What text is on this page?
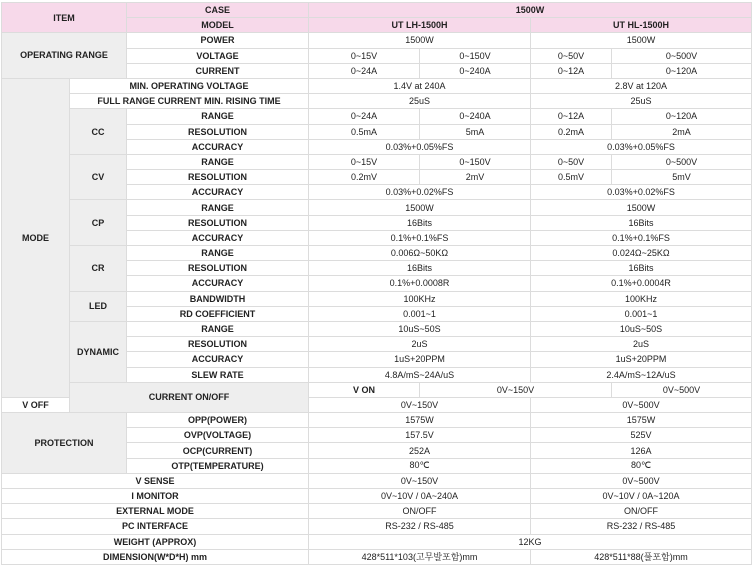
ITEM		CASE	1500W			
		MODEL	UT LH-1500H		UT HL-1500H	
OPERATING RANGE		POWER	1500W		1500W	
		VOLTAGE	0~15V	0~150V	0~50V	0~500V
		CURRENT	0~24A	0~240A	0~12A	0~120A
MODE	MIN. OPERATING VOLTAGE		1.4V at 240A		2.8V at 120A	
	FULL RANGE CURRENT MIN. RISING TIME		25uS		25uS	
	CC	RANGE	0~24A	0~240A	0~12A	0~120A
		RESOLUTION	0.5mA	5mA	0.2mA	2mA
		ACCURACY	0.03%+0.05%FS		0.03%+0.05%FS	
	CV	RANGE	0~15V	0~150V	0~50V	0~500V
		RESOLUTION	0.2mV	2mV	0.5mV	5mV
		ACCURACY	0.03%+0.02%FS		0.03%+0.02%FS	
	CP	RANGE	1500W		1500W	
		RESOLUTION	16Bits		16Bits	
		ACCURACY	0.1%+0.1%FS		0.1%+0.1%FS	
	CR	RANGE	0.006Ω~50KΩ		0.024Ω~25KΩ	
		RESOLUTION	16Bits		16Bits	
		ACCURACY	0.1%+0.0008R		0.1%+0.0004R	
	LED	BANDWIDTH	100KHz		100KHz	
		RD COEFFICIENT	0.001~1		0.001~1	
	DYNAMIC	RANGE	10uS~50S		10uS~50S	
		RESOLUTION	2uS		2uS	
		ACCURACY	1uS+20PPM		1uS+20PPM	
		SLEW RATE	4.8A/mS~24A/uS		2.4A/mS~12A/uS	
	CURRENT ON/OFF		V ON	0V~150V		0V~500V
V OFF			0V~150V		0V~500V	
PROTECTION		OPP(POWER)	1575W		1575W	
		OVP(VOLTAGE)	157.5V		525V	
		OCP(CURRENT)	252A		126A	
		OTP(TEMPERATURE)	80℃		80℃	
V SENSE			0V~150V		0V~500V	
I MONITOR			0V~10V / 0A~240A		0V~10V / 0A~120A	
EXTERNAL MODE			ON/OFF		ON/OFF	
PC INTERFACE			RS-232 / RS-485		RS-232 / RS-485	
WEIGHT (APPROX)			12KG			
DIMENSION(W*D*H) mm			428*511*103(고무발포함)mm		428*511*88(풀포함)mm	
